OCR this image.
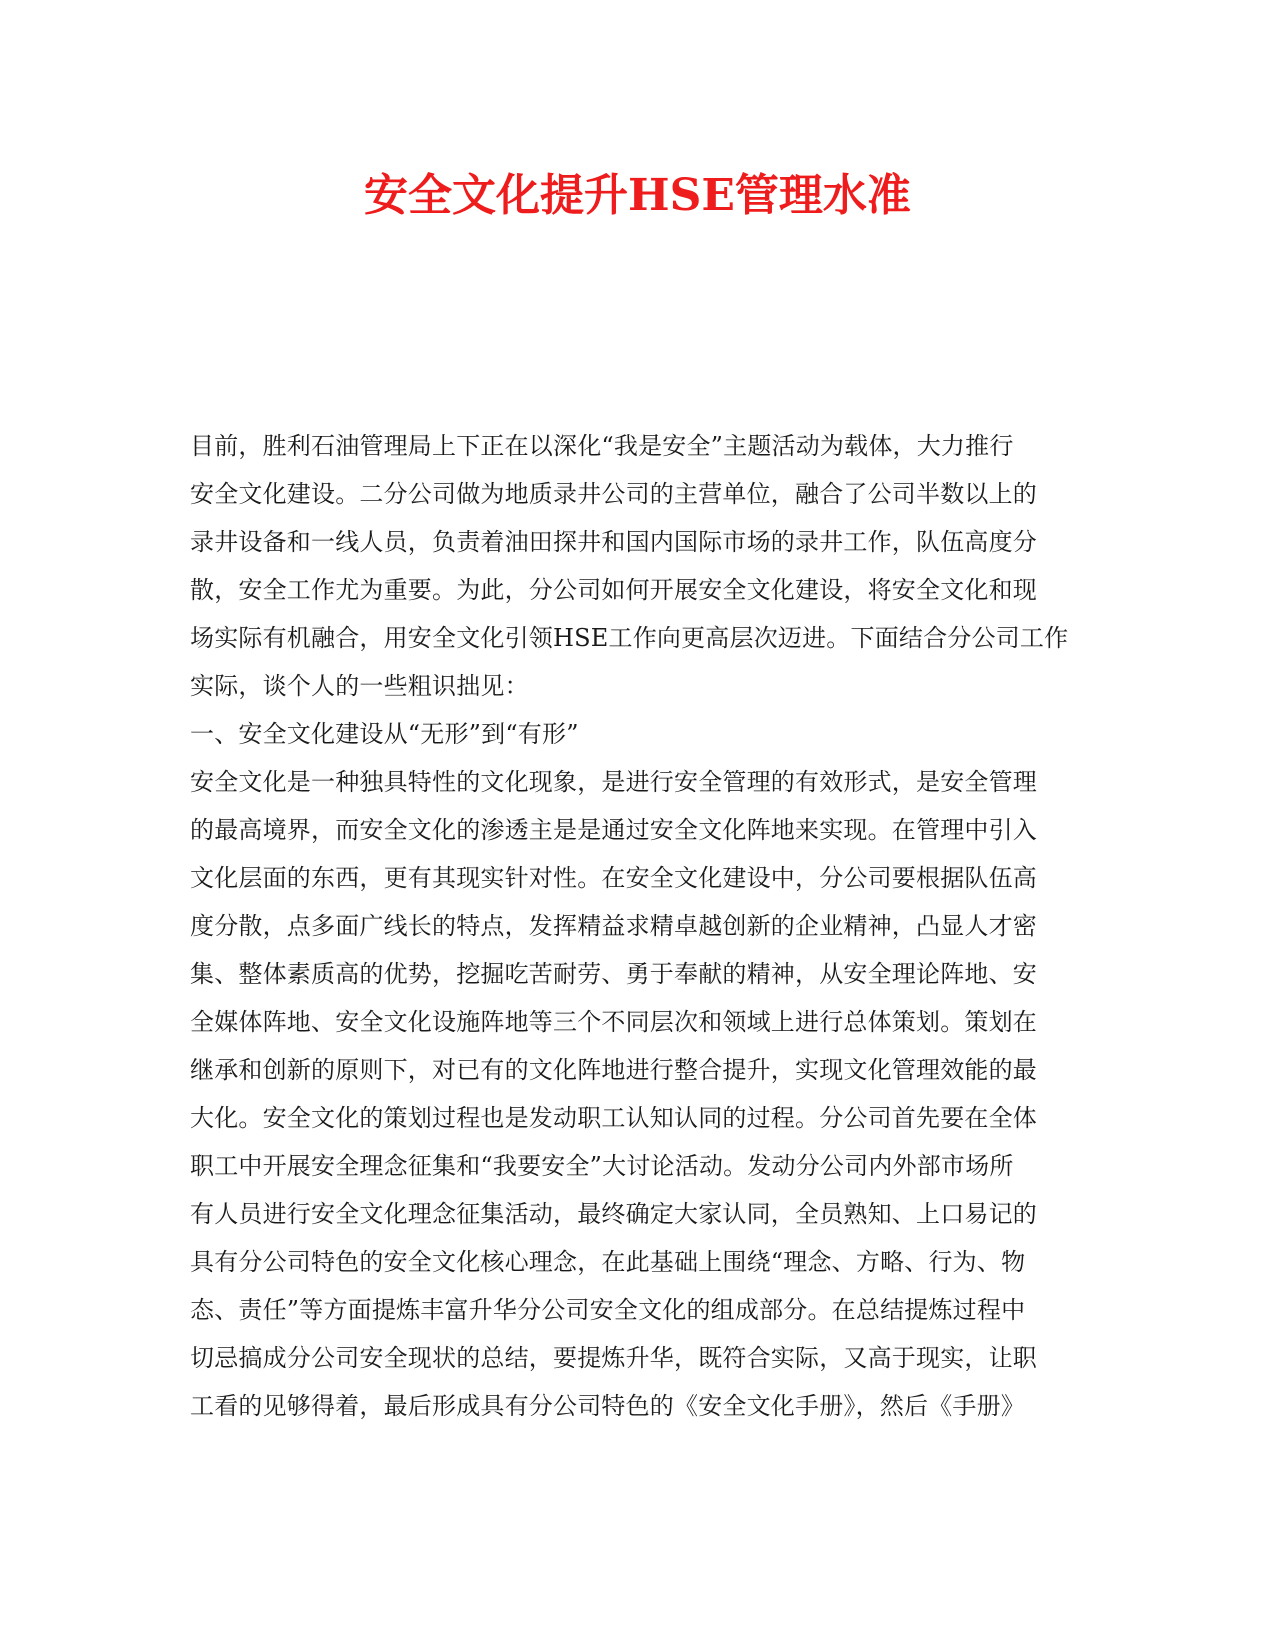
安全文化提升HSE管理水准
目前，胜利石油管理局上下正在以深化“我是安全”主题活动为载体，大力推行
安全文化建设。二分公司做为地质录井公司的主营单位，融合了公司半数以上的
录井设备和一线人员，负责着油田探井和国内国际市场的录井工作，队伍高度分
散，安全工作尤为重要。为此，分公司如何开展安全文化建设，将安全文化和现
场实际有机融合，用安全文化引领HSE工作向更高层次迈进。下面结合分公司工作
实际，谈个人的一些粗识拙见：
一、安全文化建设从“无形”到“有形”
安全文化是一种独具特性的文化现象，是进行安全管理的有效形式，是安全管理
的最高境界，而安全文化的渗透主是是通过安全文化阵地来实现。在管理中引入
文化层面的东西，更有其现实针对性。在安全文化建设中，分公司要根据队伍高
度分散，点多面广线长的特点，发挥精益求精卓越创新的企业精神，凸显人才密
集、整体素质高的优势，挖掘吃苦耐劳、勇于奉献的精神，从安全理论阵地、安
全媒体阵地、安全文化设施阵地等三个不同层次和领域上进行总体策划。策划在
继承和创新的原则下，对已有的文化阵地进行整合提升，实现文化管理效能的最
大化。安全文化的策划过程也是发动职工认知认同的过程。分公司首先要在全体
职工中开展安全理念征集和“我要安全”大讨论活动。发动分公司内外部市场所
有人员进行安全文化理念征集活动，最终确定大家认同，全员熟知、上口易记的
具有分公司特色的安全文化核心理念，在此基础上围绕“理念、方略、行为、物
态、责任”等方面提炼丰富升华分公司安全文化的组成部分。在总结提炼过程中
切忌搞成分公司安全现状的总结，要提炼升华，既符合实际，又高于现实，让职
工看的见够得着，最后形成具有分公司特色的《安全文化手册》，然后《手册》
